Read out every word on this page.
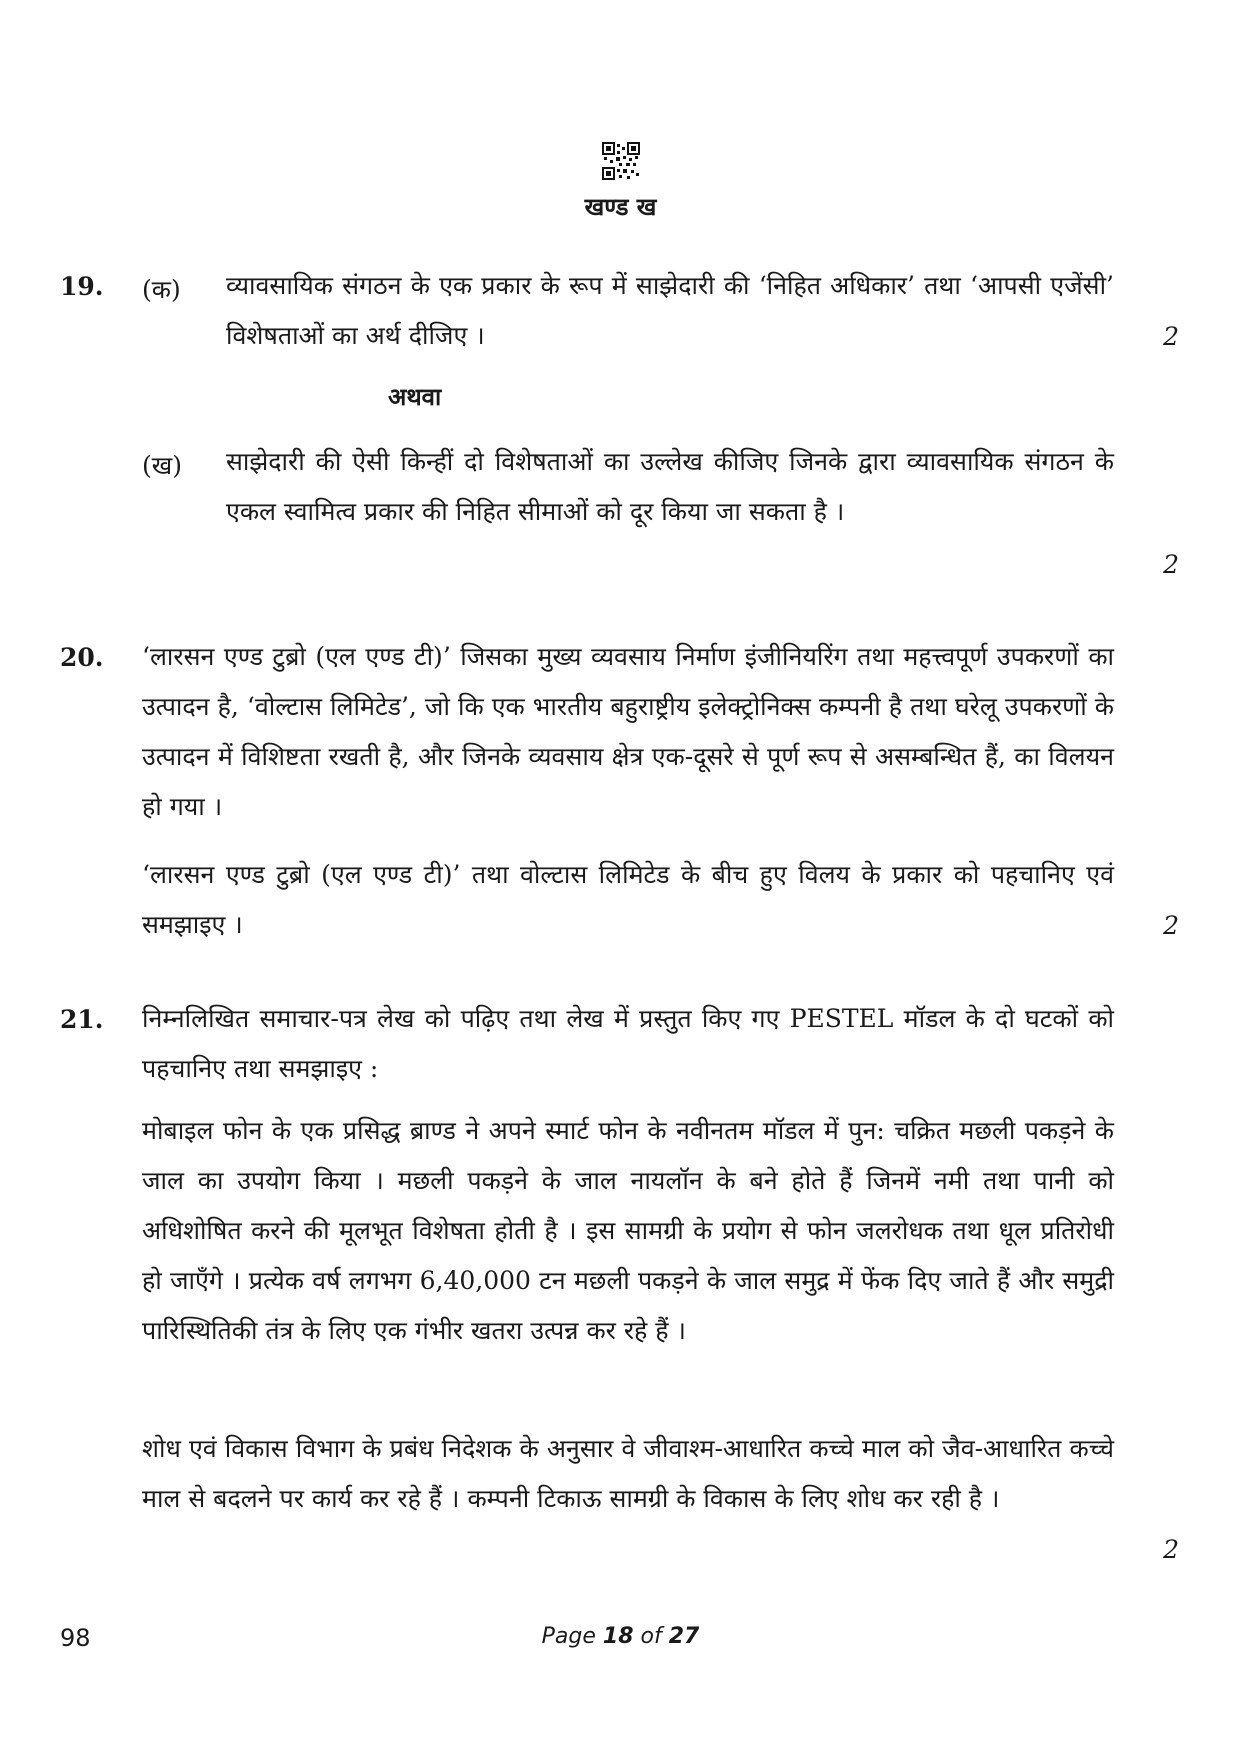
खण्ड ख
19. (क) व्यावसायिक संगठन के एक प्रकार के रूप में साझेदारी की ‘निहित अधिकार’ तथा ‘आपसी एजेंसी’ विशेषताओं का अर्थ दीजिए ।	2
अथवा
(ख) साझेदारी की ऐसी किन्हीं दो विशेषताओं का उल्लेख कीजिए जिनके द्वारा व्यावसायिक संगठन के एकल स्वामित्व प्रकार की निहित सीमाओं को दूर किया जा सकता है ।
2
20. ‘लारसन एण्ड टुब्रो (एल एण्ड टी)’ जिसका मुख्य व्यवसाय निर्माण इंजीनियरिंग तथा महत्त्वपूर्ण उपकरणों का उत्पादन है, ‘वोल्टास लिमिटेड’, जो कि एक भारतीय बहुराष्ट्रीय इलेक्ट्रोनिक्स कम्पनी है तथा घरेलू उपकरणों के उत्पादन में विशिष्टता रखती है, और जिनके व्यवसाय क्षेत्र एक-दूसरे से पूर्ण रूप से असम्बन्धित हैं, का विलयन हो गया ।
‘लारसन एण्ड टुब्रो (एल एण्ड टी)’ तथा वोल्टास लिमिटेड के बीच हुए विलय के प्रकार को पहचानिए एवं समझाइए ।	2
21. निम्नलिखित समाचार-पत्र लेख को पढ़िए तथा लेख में प्रस्तुत किए गए PESTEL मॉडल के दो घटकों को पहचानिए तथा समझाइए :
मोबाइल फोन के एक प्रसिद्ध ब्राण्ड ने अपने स्मार्ट फोन के नवीनतम मॉडल में पुन: चक्रित मछली पकड़ने के जाल का उपयोग किया । मछली पकड़ने के जाल नायलॉन के बने होते हैं जिनमें नमी तथा पानी को अधिशोषित करने की मूलभूत विशेषता होती है । इस सामग्री के प्रयोग से फोन जलरोधक तथा धूल प्रतिरोधी हो जाएँगे । प्रत्येक वर्ष लगभग 6,40,000 टन मछली पकड़ने के जाल समुद्र में फेंक दिए जाते हैं और समुद्री पारिस्थितिकी तंत्र के लिए एक गंभीर खतरा उत्पन्न कर रहे हैं ।
शोध एवं विकास विभाग के प्रबंध निदेशक के अनुसार वे जीवाश्म-आधारित कच्चे माल को जैव-आधारित कच्चे माल से बदलने पर कार्य कर रहे हैं । कम्पनी टिकाऊ सामग्री के विकास के लिए शोध कर रही है ।
2
98	Page 18 of 27
